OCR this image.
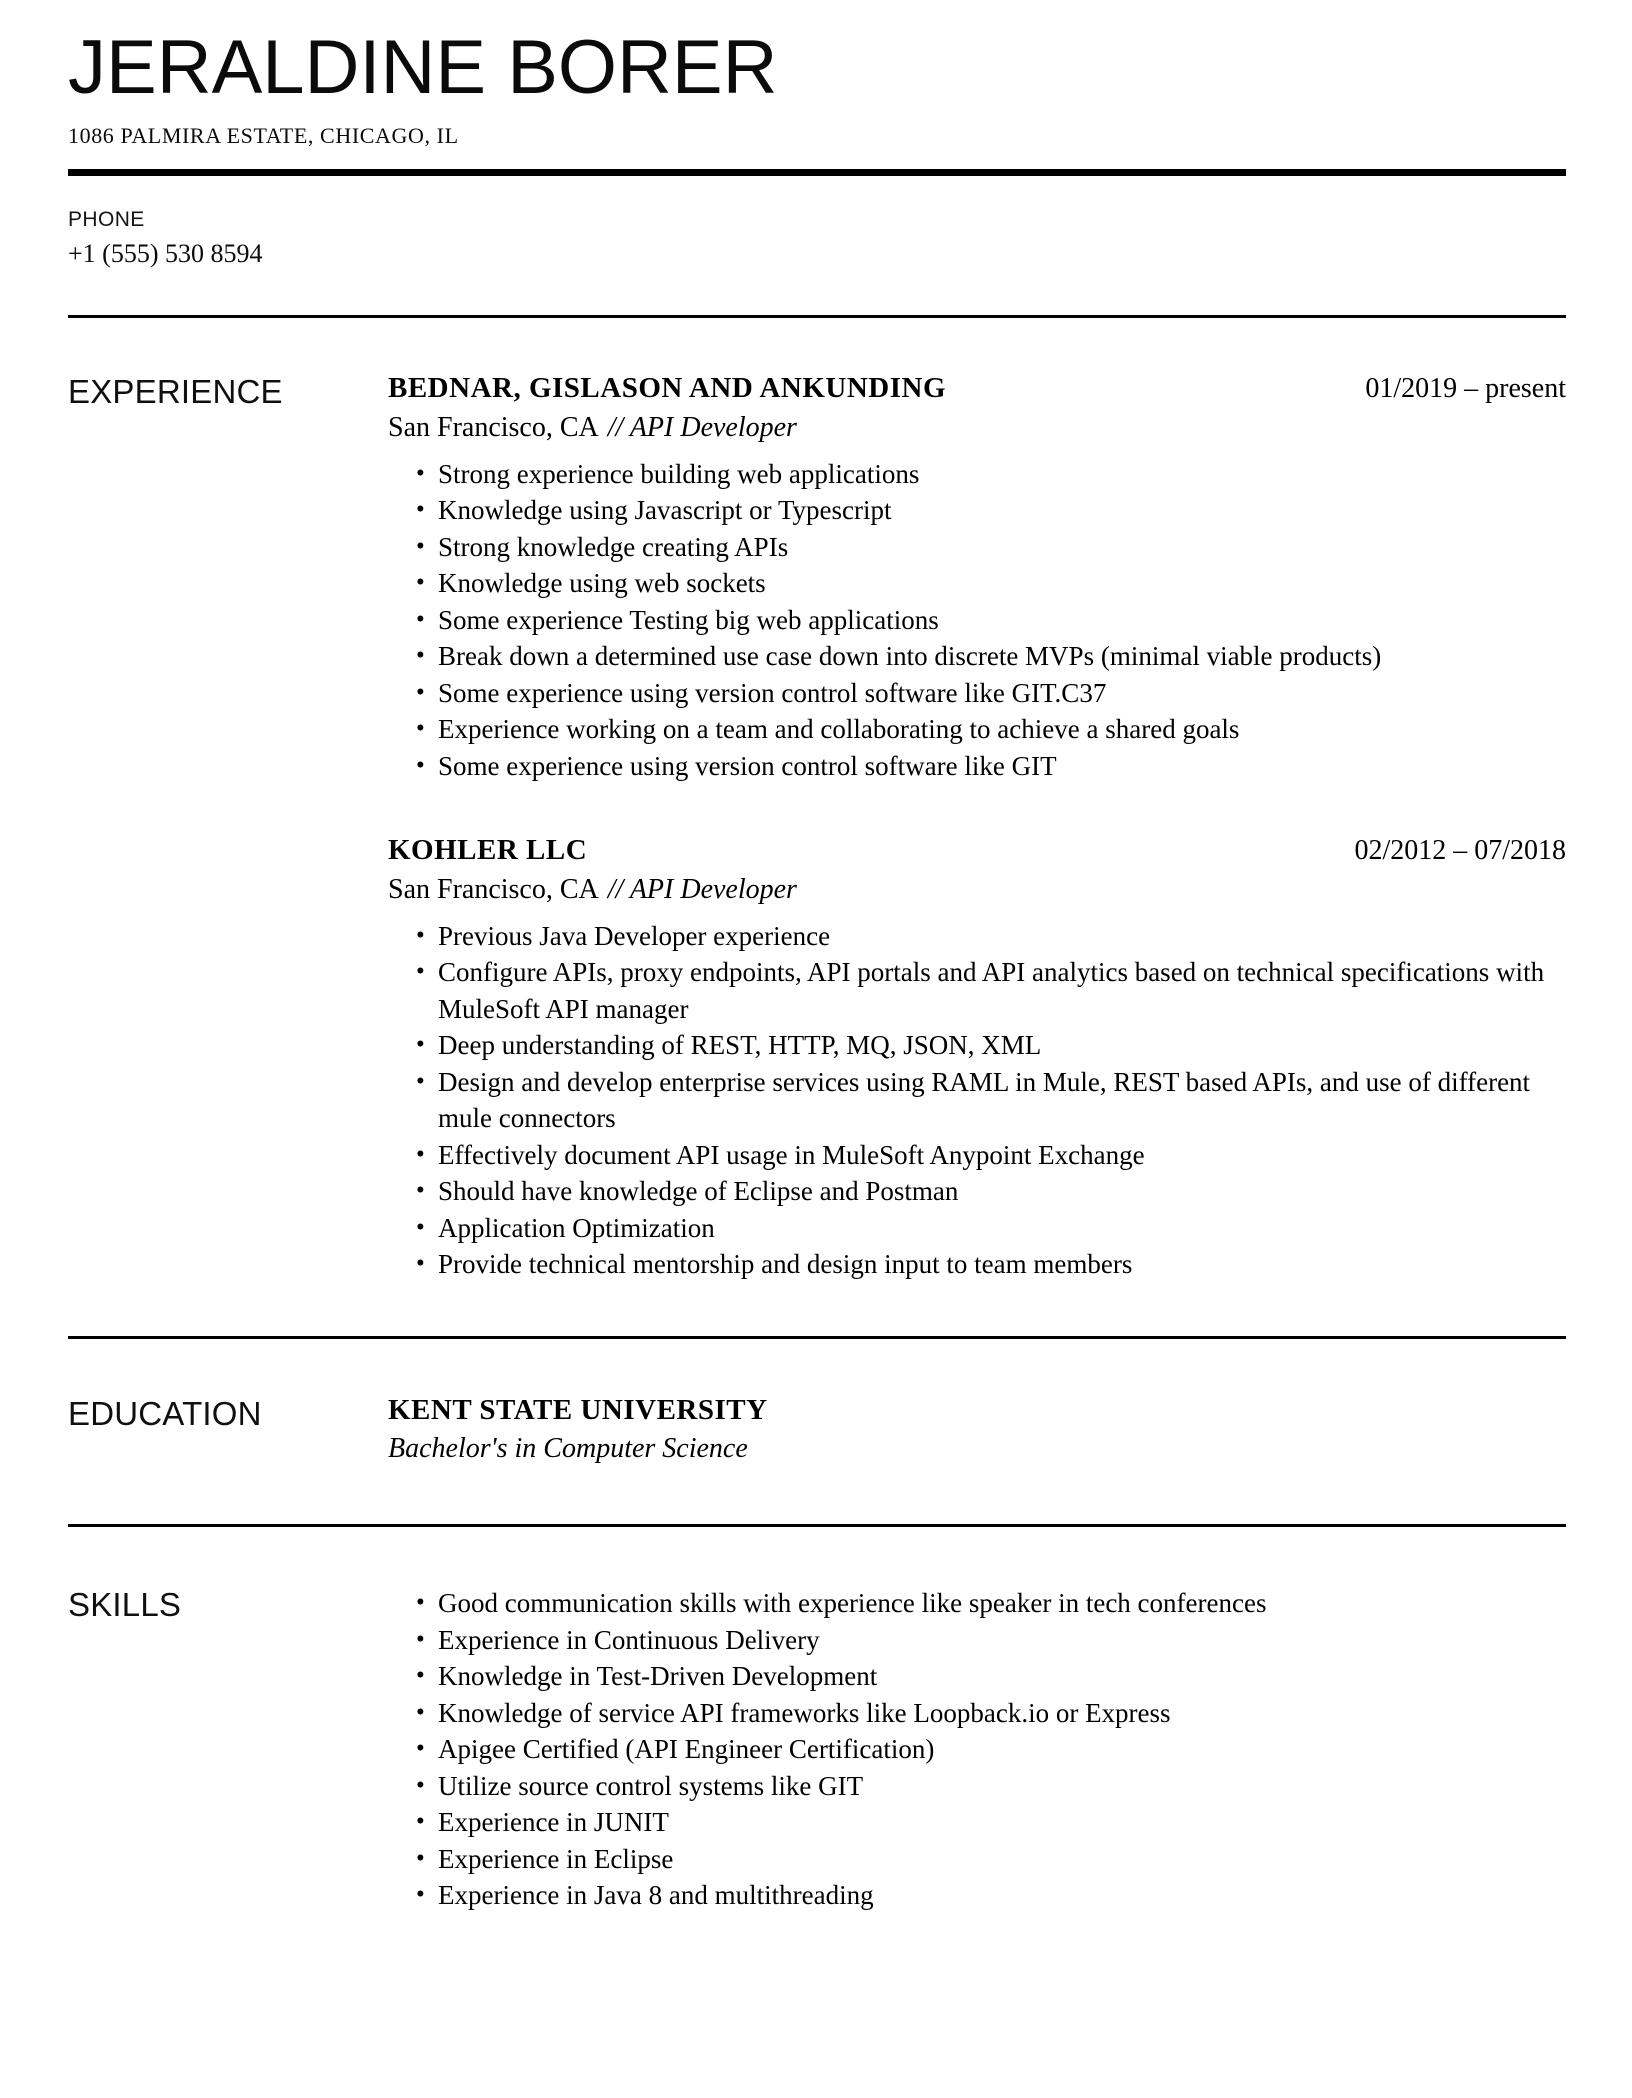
JERALDINE BORER
1086 PALMIRA ESTATE, CHICAGO, IL
PHONE
+1 (555) 530 8594
EXPERIENCE	BEDNAR, GISLASON AND ANKUNDING	01/2019 – present
San Francisco, CA // API Developer
• Strong experience building web applications
• Knowledge using Javascript or Typescript
• Strong knowledge creating APIs
• Knowledge using web sockets
• Some experience Testing big web applications
• Break down a determined use case down into discrete MVPs (minimal viable products)
• Some experience using version control software like GIT.C37
• Experience working on a team and collaborating to achieve a shared goals
• Some experience using version control software like GIT
KOHLER LLC	02/2012 – 07/2018
San Francisco, CA // API Developer
• Previous Java Developer experience
• Configure APIs, proxy endpoints, API portals and API analytics based on technical specifications with MuleSoft API manager
• Deep understanding of REST, HTTP, MQ, JSON, XML
• Design and develop enterprise services using RAML in Mule, REST based APIs, and use of different mule connectors
• Effectively document API usage in MuleSoft Anypoint Exchange
• Should have knowledge of Eclipse and Postman
• Application Optimization
• Provide technical mentorship and design input to team members
EDUCATION	KENT STATE UNIVERSITY
Bachelor's in Computer Science
SKILLS	• Good communication skills with experience like speaker in tech conferences
• Experience in Continuous Delivery
• Knowledge in Test-Driven Development
• Knowledge of service API frameworks like Loopback.io or Express
• Apigee Certified (API Engineer Certification)
• Utilize source control systems like GIT
• Experience in JUNIT
• Experience in Eclipse
• Experience in Java 8 and multithreading
